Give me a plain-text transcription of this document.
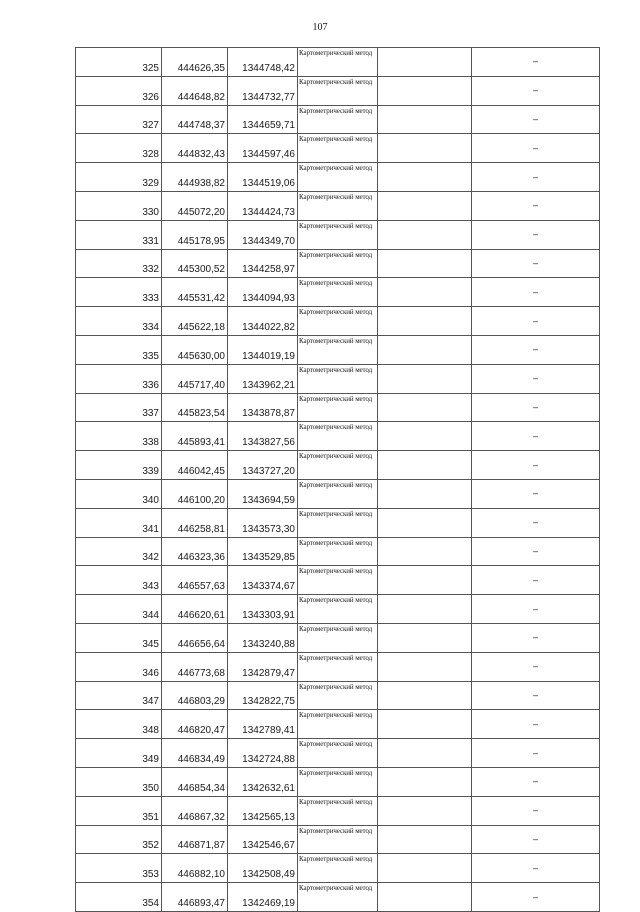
107
325	444626,35	1344748,42	Картометрический метод		–
326	444648,82	1344732,77	Картометрический метод		–
327	444748,37	1344659,71	Картометрический метод		–
328	444832,43	1344597,46	Картометрический метод		–
329	444938,82	1344519,06	Картометрический метод		–
330	445072,20	1344424,73	Картометрический метод		–
331	445178,95	1344349,70	Картометрический метод		–
332	445300,52	1344258,97	Картометрический метод		–
333	445531,42	1344094,93	Картометрический метод		–
334	445622,18	1344022,82	Картометрический метод		–
335	445630,00	1344019,19	Картометрический метод		–
336	445717,40	1343962,21	Картометрический метод		–
337	445823,54	1343878,87	Картометрический метод		–
338	445893,41	1343827,56	Картометрический метод		–
339	446042,45	1343727,20	Картометрический метод		–
340	446100,20	1343694,59	Картометрический метод		–
341	446258,81	1343573,30	Картометрический метод		–
342	446323,36	1343529,85	Картометрический метод		–
343	446557,63	1343374,67	Картометрический метод		–
344	446620,61	1343303,91	Картометрический метод		–
345	446656,64	1343240,88	Картометрический метод		–
346	446773,68	1342879,47	Картометрический метод		–
347	446803,29	1342822,75	Картометрический метод		–
348	446820,47	1342789,41	Картометрический метод		–
349	446834,49	1342724,88	Картометрический метод		–
350	446854,34	1342632,61	Картометрический метод		–
351	446867,32	1342565,13	Картометрический метод		–
352	446871,87	1342546,67	Картометрический метод		–
353	446882,10	1342508,49	Картометрический метод		–
354	446893,47	1342469,19	Картометрический метод		–
